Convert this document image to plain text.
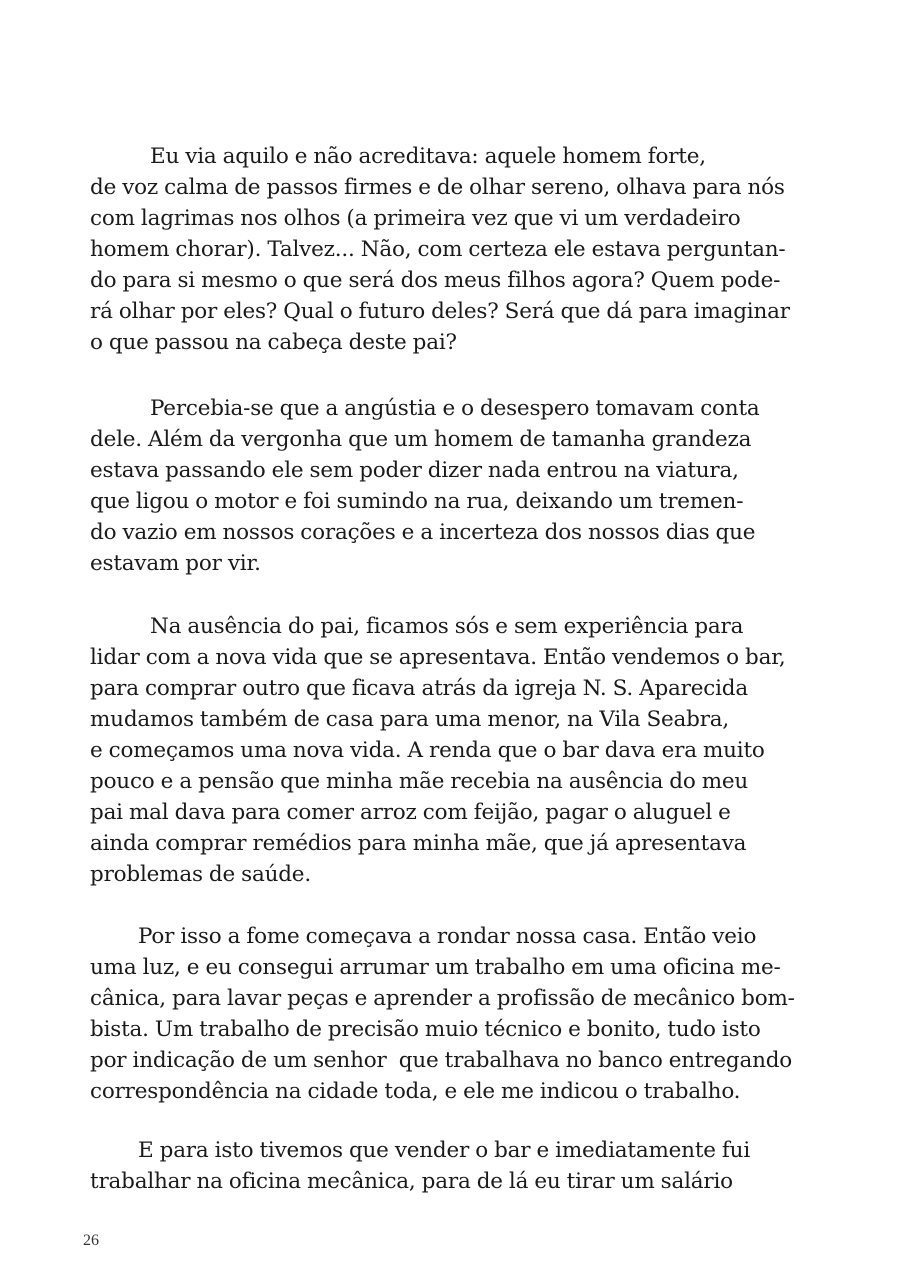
Eu via aquilo e não acreditava: aquele homem forte,
de voz calma de passos firmes e de olhar sereno, olhava para nós
com lagrimas nos olhos (a primeira vez que vi um verdadeiro
homem chorar). Talvez... Não, com certeza ele estava perguntan-
do para si mesmo o que será dos meus filhos agora? Quem pode-
rá olhar por eles? Qual o futuro deles? Será que dá para imaginar
o que passou na cabeça deste pai?
Percebia-se que a angústia e o desespero tomavam conta
dele. Além da vergonha que um homem de tamanha grandeza
estava passando ele sem poder dizer nada entrou na viatura,
que ligou o motor e foi sumindo na rua, deixando um tremen-
do vazio em nossos corações e a incerteza dos nossos dias que
estavam por vir.
Na ausência do pai, ficamos sós e sem experiência para
lidar com a nova vida que se apresentava. Então vendemos o bar,
para comprar outro que ficava atrás da igreja N. S. Aparecida
mudamos também de casa para uma menor, na Vila Seabra,
e começamos uma nova vida. A renda que o bar dava era muito
pouco e a pensão que minha mãe recebia na ausência do meu
pai mal dava para comer arroz com feijão, pagar o aluguel e
ainda comprar remédios para minha mãe, que já apresentava
problemas de saúde.
Por isso a fome começava a rondar nossa casa. Então veio
uma luz, e eu consegui arrumar um trabalho em uma oficina me-
cânica, para lavar peças e aprender a profissão de mecânico bom-
bista. Um trabalho de precisão muio técnico e bonito, tudo isto
por indicação de um senhor  que trabalhava no banco entregando
correspondência na cidade toda, e ele me indicou o trabalho.
E para isto tivemos que vender o bar e imediatamente fui
trabalhar na oficina mecânica, para de lá eu tirar um salário
26
